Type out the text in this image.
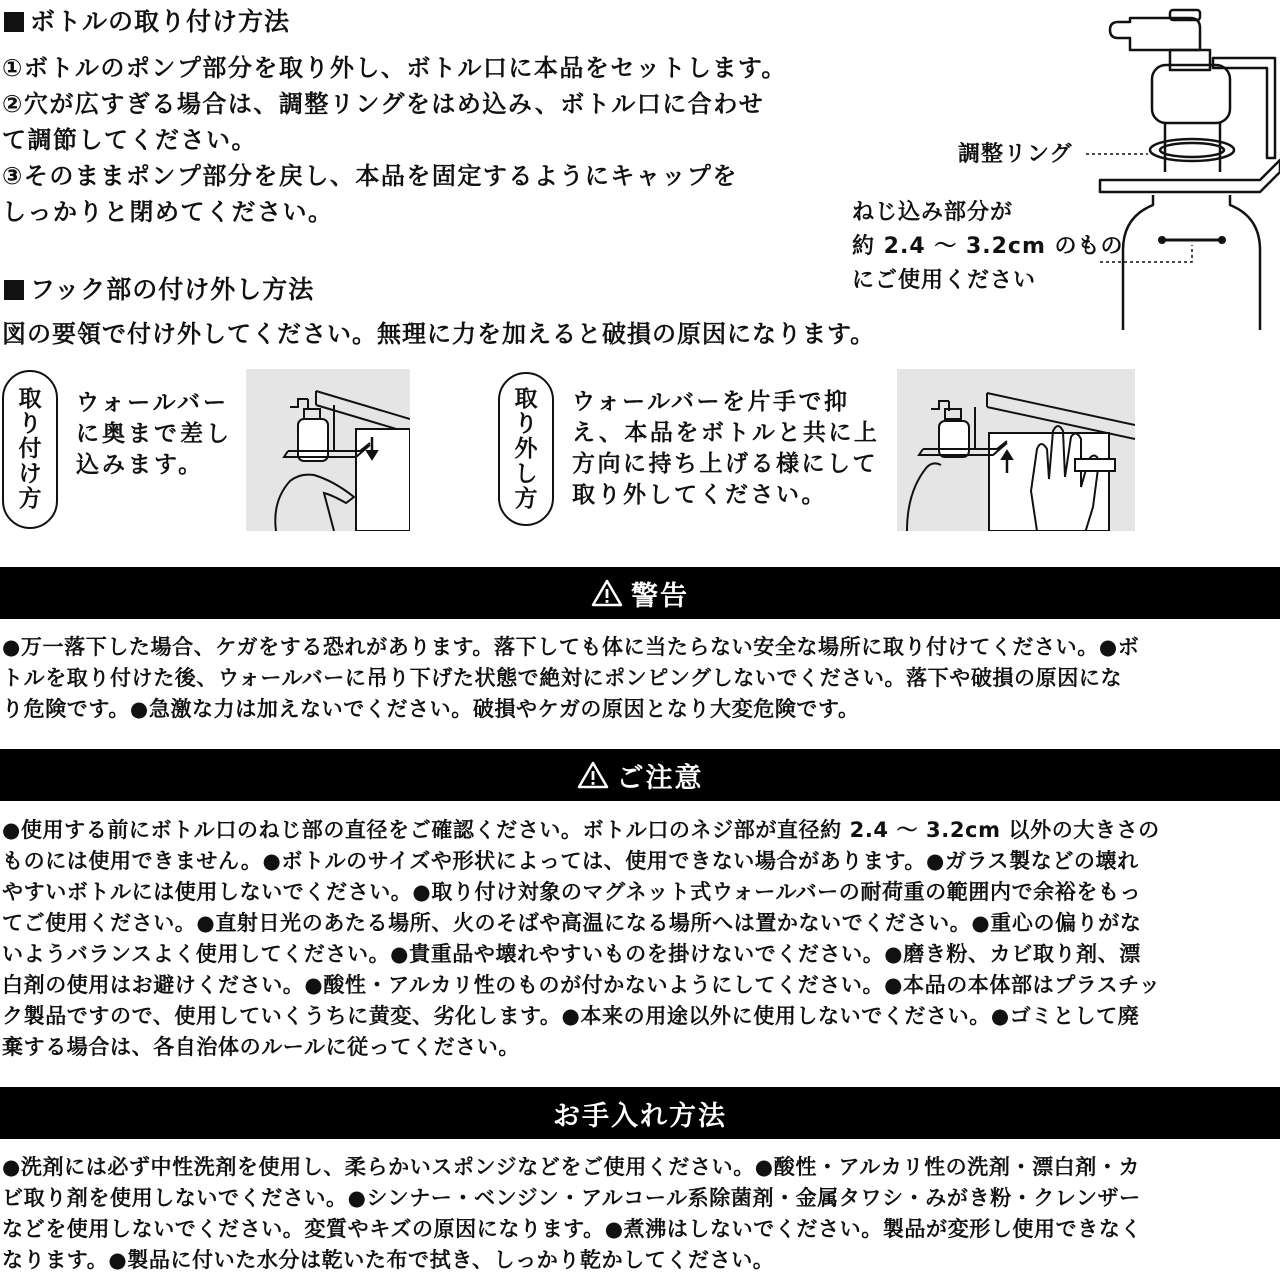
ボトルの取り付け方法
①ボトルのポンプ部分を取り外し、ボトル口に本品をセットします。
②穴が広すぎる場合は、調整リングをはめ込み、ボトル口に合わせ
て調節してください。
③そのままポンプ部分を戻し、本品を固定するようにキャップを
しっかりと閉めてください。
調整リング
ねじ込み部分が
約 2.4 ～ 3.2cm のもの
にご使用ください
フック部の付け外し方法
図の要領で付け外してください。無理に力を加えると破損の原因になります。
取
り
付
け
方
ウォールバー
に奥まで差し
込みます。
取
り
外
し
方
ウォールバーを片手で抑
え、本品をボトルと共に上
方向に持ち上げる様にして
取り外してください。
警告
●万一落下した場合、ケガをする恐れがあります。落下しても体に当たらない安全な場所に取り付けてください。●ボ
トルを取り付けた後、ウォールバーに吊り下げた状態で絶対にポンピングしないでください。落下や破損の原因にな
り危険です。●急激な力は加えないでください。破損やケガの原因となり大変危険です。
ご注意
●使用する前にボトル口のねじ部の直径をご確認ください。ボトル口のネジ部が直径約 2.4 ～ 3.2cm 以外の大きさの
ものには使用できません。●ボトルのサイズや形状によっては、使用できない場合があります。●ガラス製などの壊れ
やすいボトルには使用しないでください。●取り付け対象のマグネット式ウォールバーの耐荷重の範囲内で余裕をもっ
てご使用ください。●直射日光のあたる場所、火のそばや高温になる場所へは置かないでください。●重心の偏りがな
いようバランスよく使用してください。●貴重品や壊れやすいものを掛けないでください。●磨き粉、カビ取り剤、漂
白剤の使用はお避けください。●酸性・アルカリ性のものが付かないようにしてください。●本品の本体部はプラスチッ
ク製品ですので、使用していくうちに黄変、劣化します。●本来の用途以外に使用しないでください。●ゴミとして廃
棄する場合は、各自治体のルールに従ってください。
お手入れ方法
●洗剤には必ず中性洗剤を使用し、柔らかいスポンジなどをご使用ください。●酸性・アルカリ性の洗剤・漂白剤・カ
ビ取り剤を使用しないでください。●シンナー・ベンジン・アルコール系除菌剤・金属タワシ・みがき粉・クレンザー
などを使用しないでください。変質やキズの原因になります。●煮沸はしないでください。製品が変形し使用できなく
なります。●製品に付いた水分は乾いた布で拭き、しっかり乾かしてください。
